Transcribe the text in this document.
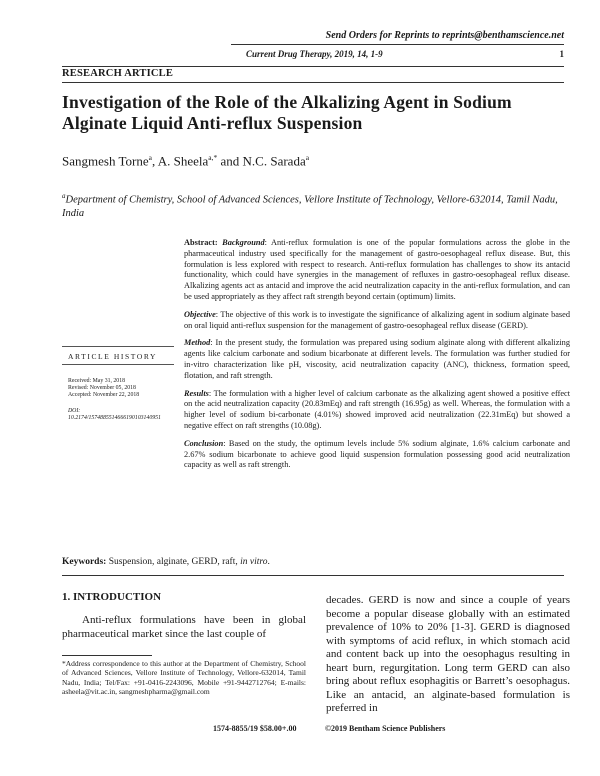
Send Orders for Reprints to reprints@benthamscience.net
Current Drug Therapy, 2019, 14, 1-9	1
RESEARCH ARTICLE
Investigation of the Role of the Alkalizing Agent in Sodium Alginate Liquid Anti-reflux Suspension
Sangmesh Torne$^a$, A. Sheela$^{a,*}$ and N.C. Sarada$^a$
$^a$Department of Chemistry, School of Advanced Sciences, Vellore Institute of Technology, Vellore-632014, Tamil Nadu, India

Abstract: Background: Anti-reflux formulation is one of the popular formulations across the globe in the pharmaceutical industry used specifically for the management of gastro-oesophageal reflux disease. But, this formulation is less explored with respect to research. Anti-reflux formulation has challenges to show its antacid functionality, which could have synergies in the management of refluxes in gastro-oesophageal reflux disease. Alkalizing agents act as antacid and improve the acid neutralization capacity in the anti-reflux formulation, and can be used appropriately as they affect raft strength beyond certain (optimum) limits.

Objective: The objective of this work is to investigate the significance of alkalizing agent in sodium alginate based on oral liquid anti-reflux suspension for the management of gastro-oesophageal reflux disease (GERD).

Method: In the present study, the formulation was prepared using sodium alginate along with different alkalizing agents like calcium carbonate and sodium bicarbonate at different levels. The formulation was further studied for in-vitro characterization like pH, viscosity, acid neutralization capacity (ANC), thickness, formation speed, flotation, and raft strength.

Results: The formulation with a higher level of calcium carbonate as the alkalizing agent showed a positive effect on the acid neutralization capacity (20.83mEq) and raft strength (16.95g) as well. Whereas, the formulation with a higher level of sodium bi-carbonate (4.01%) showed improved acid neutralization (22.31mEq) but showed a negative effect on raft strengths (10.08g).

Conclusion: Based on the study, the optimum levels include 5% sodium alginate, 1.6% calcium carbonate and 2.67% sodium bicarbonate to achieve good liquid suspension formulation possessing good acid neutralization capacity as well as raft strength.

ARTICLE HISTORY
Received: May 31, 2018
Revised: November 05, 2018
Accepted: November 22, 2018
DOI:
10.2174/1574885514666190103140951
Keywords: Suspension, alginate, GERD, raft, in vitro.
1. INTRODUCTION

Anti-reflux formulations have been in global pharmaceutical market since the last couple of

*Address correspondence to this author at the Department of Chemistry, School of Advanced Sciences, Vellore Institute of Technology, Vellore-632014, Tamil Nadu, India; Tel/Fax: +91-0416-2243096, Mobile +91-9442712764; E-mails: asheela@vit.ac.in, sangmeshpharma@gmail.com

decades. GERD is now and since a couple of years become a popular disease globally with an estimated prevalence of 10% to 20% [1-3]. GERD is diagnosed with symptoms of acid reflux, in which stomach acid and content back up into the oesophagus resulting in heart burn, regurgitation. Long term GERD can also bring about reflux esophagitis or Barrett’s oesophagus. Like an antacid, an alginate-based formulation is preferred in

1574-8855/19 $58.00+.00	©2019 Bentham Science Publishers
